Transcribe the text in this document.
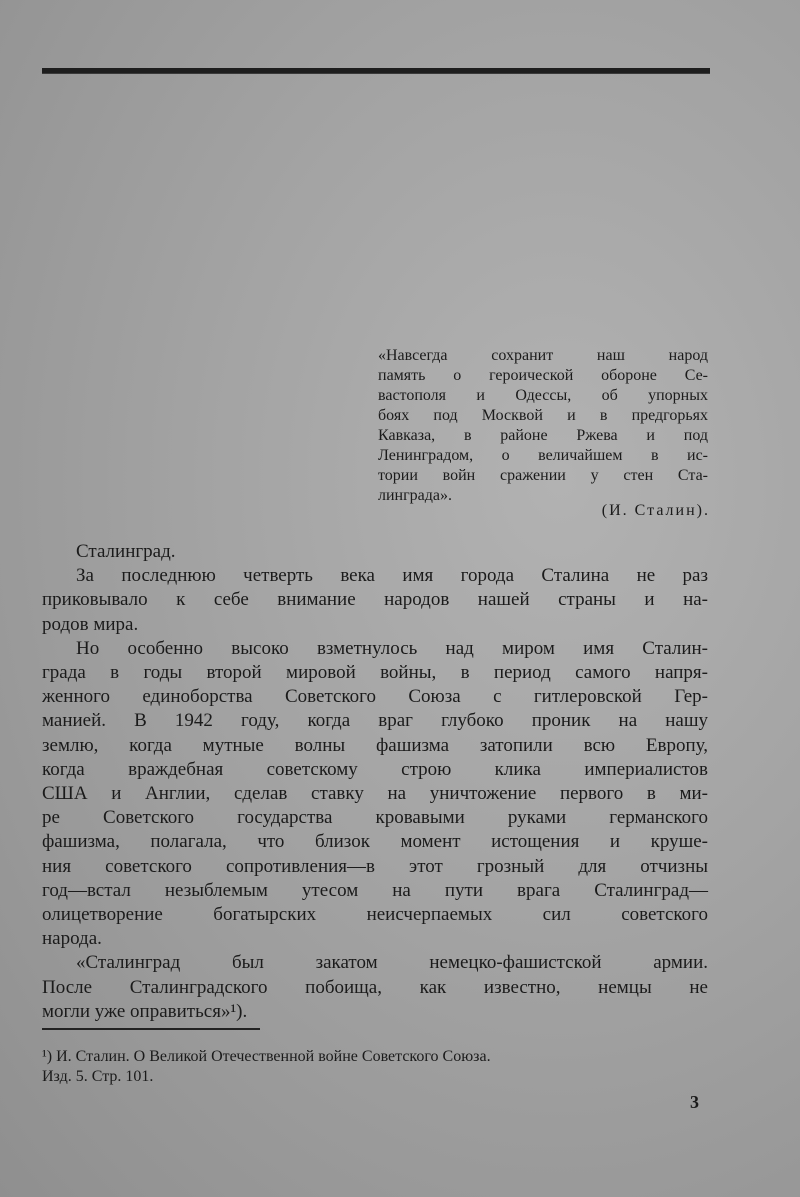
«Навсегда сохранит наш народ
память о героической обороне Се-
вастополя и Одессы, об упорных
боях под Москвой и в предгорьях
Кавказа, в районе Ржева и под
Ленинградом, о величайшем в ис-
тории войн сражении у стен Ста-
линграда».
(И. Сталин).
Сталинград.
За последнюю четверть века имя города Сталина не раз
приковывало к себе внимание народов нашей страны и на-
родов мира.
Но особенно высоко взметнулось над миром имя Сталин-
града в годы второй мировой войны, в период самого напря-
женного единоборства Советского Союза с гитлеровской Гер-
манией. В 1942 году, когда враг глубоко проник на нашу
землю, когда мутные волны фашизма затопили всю Европу,
когда враждебная советскому строю клика империалистов
США и Англии, сделав ставку на уничтожение первого в ми-
ре Советского государства кровавыми руками германского
фашизма, полагала, что близок момент истощения и круше-
ния советского сопротивления—в этот грозный для отчизны
год—встал незыблемым утесом на пути врага Сталинград—
олицетворение богатырских неисчерпаемых сил советского
народа.
«Сталинград был закатом немецко-фашистской армии.
После Сталинградского побоища, как известно, немцы не
могли уже оправиться»¹).
¹) И. Сталин. О Великой Отечественной войне Советского Союза.
Изд. 5. Стр. 101.
3
